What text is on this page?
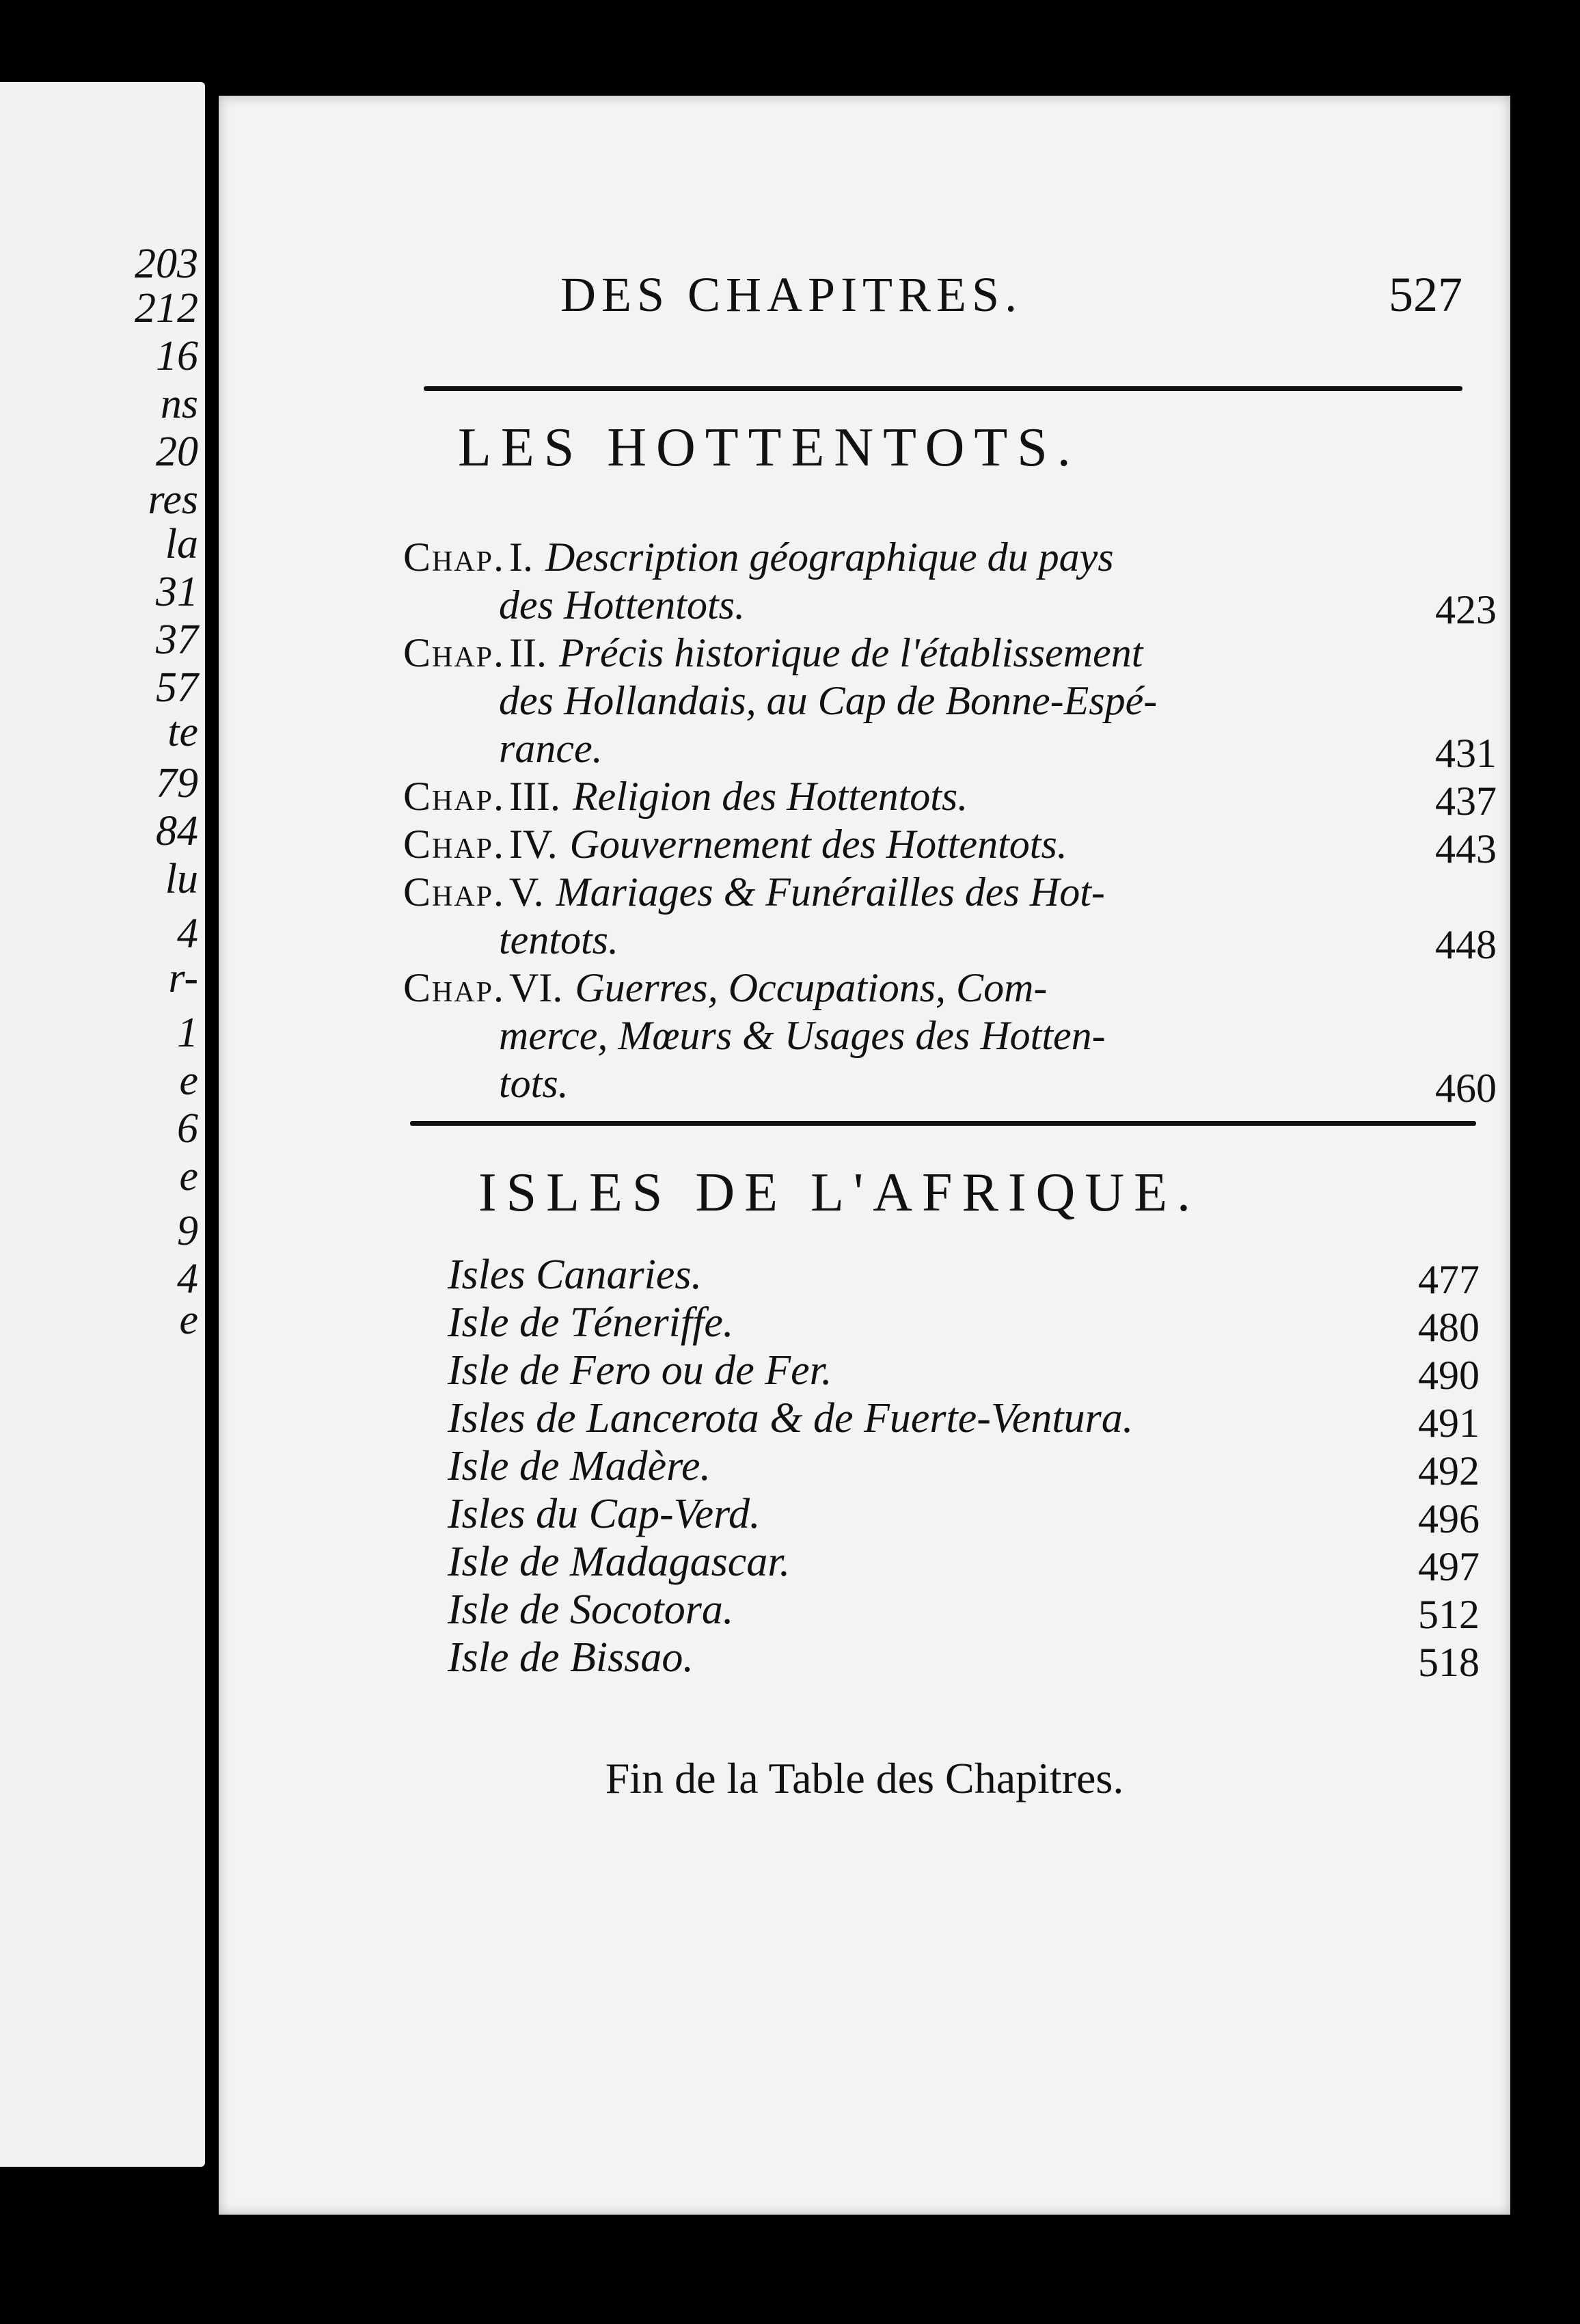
203
212
16
ns
20
res
la
31
37
57
te
79
84
lu
4
r-
1
e
6
e
9
4
e
DES CHAPITRES.	527
LES HOTTENTOTS.
Chap. I. Description géographique du pays
des Hottentots.	423
Chap. II. Précis historique de l'établissement
des Hollandais, au Cap de Bonne-Espé-
rance.	431
Chap. III. Religion des Hottentots.	437
Chap. IV. Gouvernement des Hottentots.	443
Chap. V. Mariages & Funérailles des Hot-
tentots.	448
Chap. VI. Guerres, Occupations, Com-
merce, Mœurs & Usages des Hotten-
tots.	460
ISLES DE L'AFRIQUE.
Isles Canaries.	477
Isle de Téneriffe.	480
Isle de Fero ou de Fer.	490
Isles de Lancerota & de Fuerte-Ventura.	491
Isle de Madère.	492
Isles du Cap-Verd.	496
Isle de Madagascar.	497
Isle de Socotora.	512
Isle de Bissao.	518
Fin de la Table des Chapitres.
